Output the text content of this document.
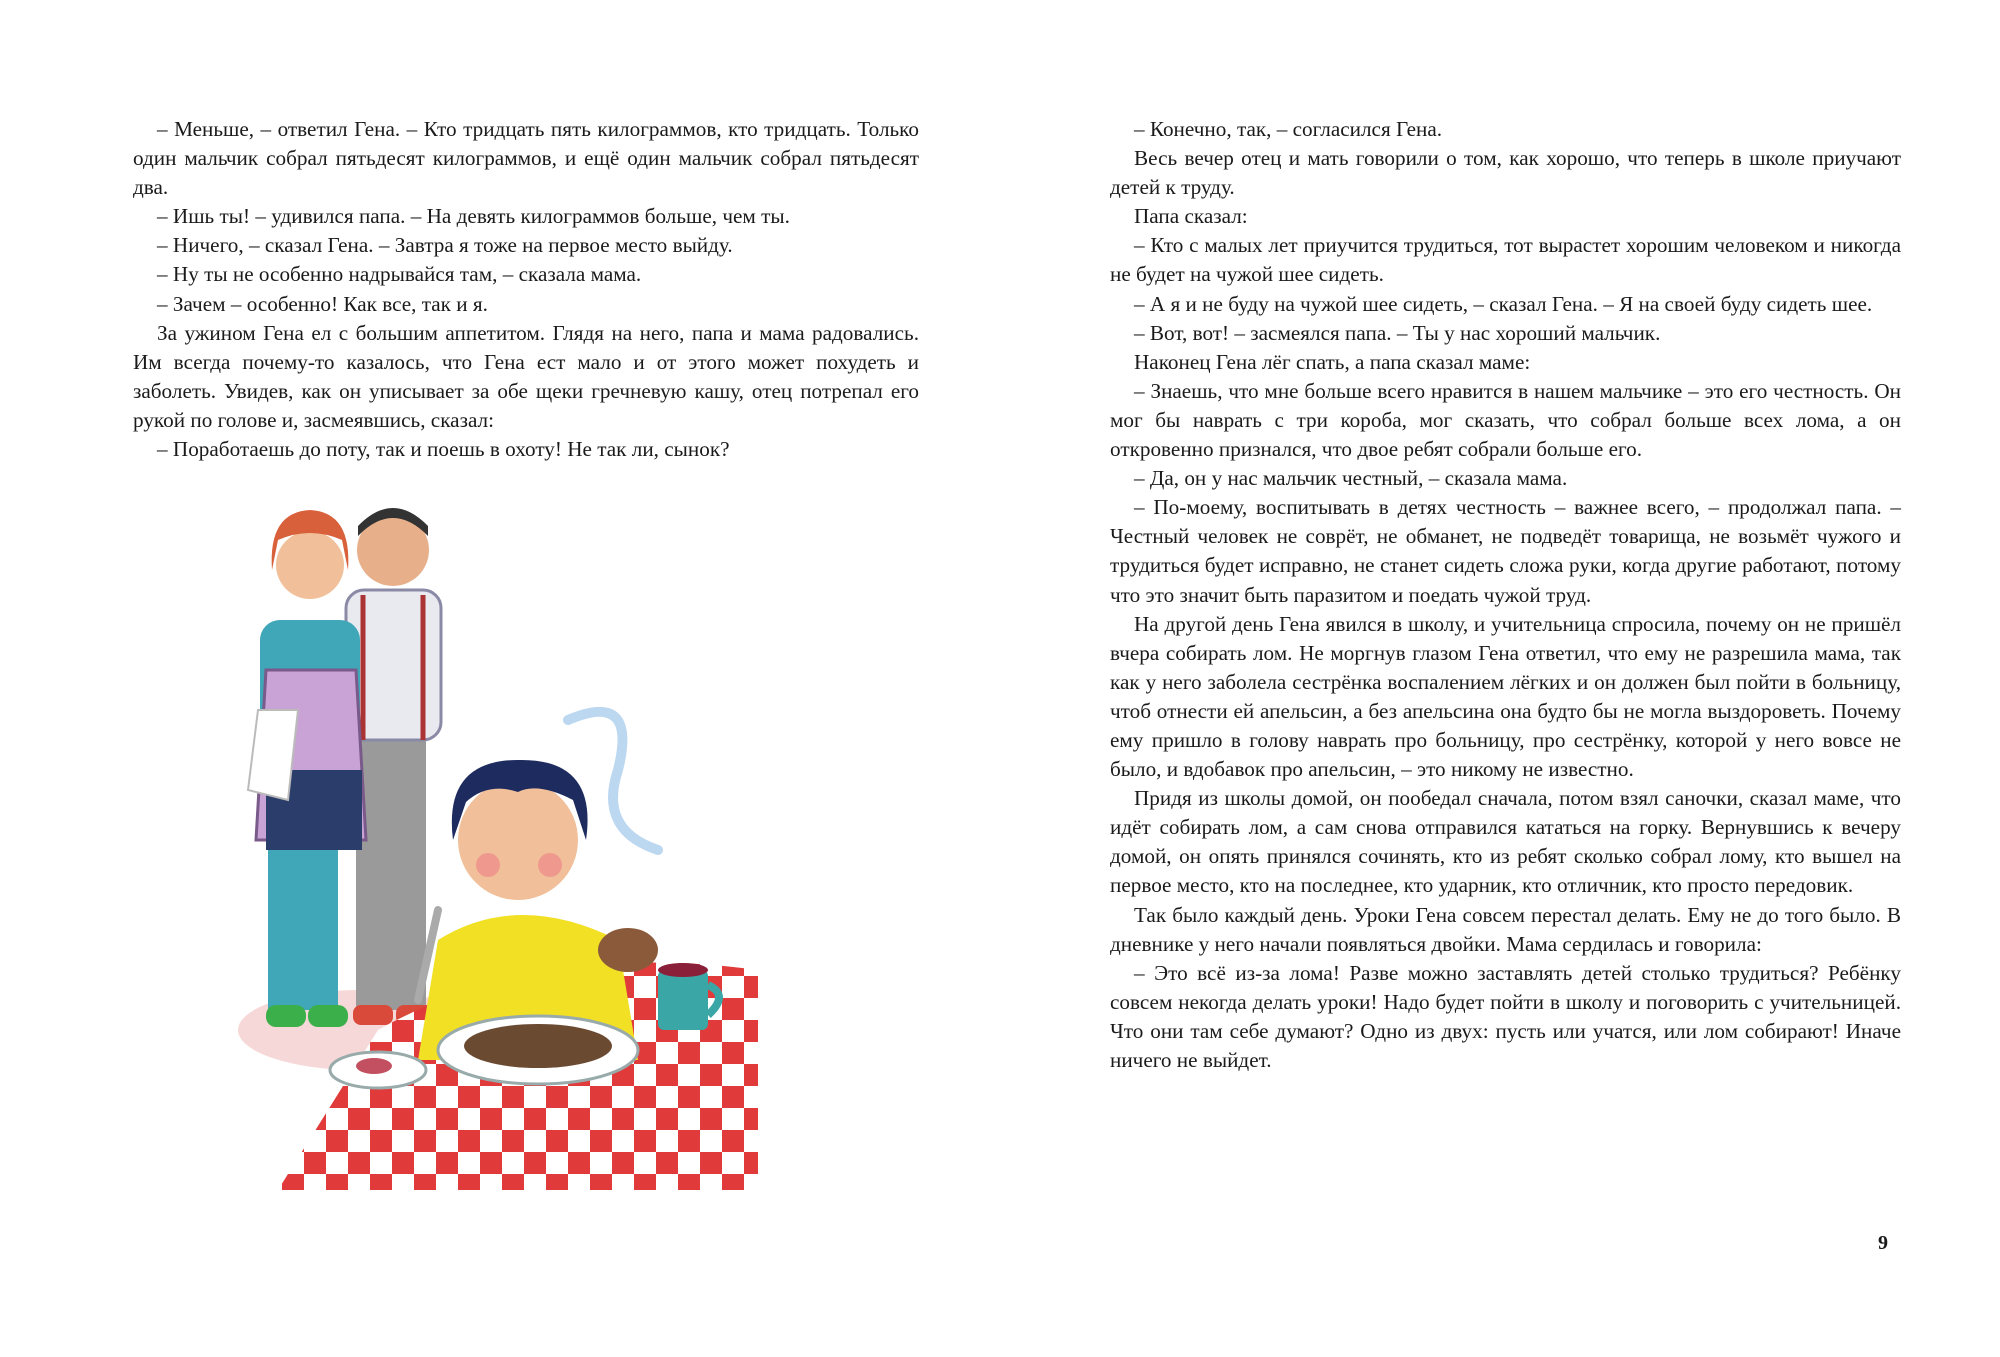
– Меньше, – ответил Гена. – Кто тридцать пять килограммов, кто тридцать. Только один мальчик собрал пятьдесят килограммов, и ещё один мальчик собрал пятьдесят два.

– Ишь ты! – удивился папа. – На девять килограммов больше, чем ты.

– Ничего, – сказал Гена. – Завтра я тоже на первое место выйду.

– Ну ты не особенно надрывайся там, – сказала мама.

– Зачем – особенно! Как все, так и я.

За ужином Гена ел с большим аппетитом. Глядя на него, папа и мама радовались. Им всегда почему-то казалось, что Гена ест мало и от этого может похудеть и заболеть. Увидев, как он уписывает за обе щеки гречневую кашу, отец потрепал его рукой по голове и, засмеявшись, сказал:

– Поработаешь до поту, так и поешь в охоту! Не так ли, сынок?

– Конечно, так, – согласился Гена.

Весь вечер отец и мать говорили о том, как хорошо, что теперь в школе приучают детей к труду.

Папа сказал:

– Кто с малых лет приучится трудиться, тот вырастет хорошим человеком и никогда не будет на чужой шее сидеть.

– А я и не буду на чужой шее сидеть, – сказал Гена. – Я на своей буду сидеть шее.

– Вот, вот! – засмеялся папа. – Ты у нас хороший мальчик.

Наконец Гена лёг спать, а папа сказал маме:

– Знаешь, что мне больше всего нравится в нашем мальчике – это его честность. Он мог бы наврать с три короба, мог сказать, что собрал больше всех лома, а он откровенно признался, что двое ребят собрали больше его.

– Да, он у нас мальчик честный, – сказала мама.

– По-моему, воспитывать в детях честность – важнее всего, – продолжал папа. – Честный человек не соврёт, не обманет, не подведёт товарища, не возьмёт чужого и трудиться будет исправно, не станет сидеть сложа руки, когда другие работают, потому что это значит быть паразитом и поедать чужой труд.

На другой день Гена явился в школу, и учительница спросила, почему он не пришёл вчера собирать лом. Не моргнув глазом Гена ответил, что ему не разрешила мама, так как у него заболела сестрёнка воспалением лёгких и он должен был пойти в больницу, чтоб отнести ей апельсин, а без апельсина она будто бы не могла выздороветь. Почему ему пришло в голову наврать про больницу, про сестрёнку, которой у него вовсе не было, и вдобавок про апельсин, – это никому не известно.

Придя из школы домой, он пообедал сначала, потом взял саночки, сказал маме, что идёт собирать лом, а сам снова отправился кататься на горку. Вернувшись к вечеру домой, он опять принялся сочинять, кто из ребят сколько собрал лому, кто вышел на первое место, кто на последнее, кто ударник, кто отличник, кто просто передовик.

Так было каждый день. Уроки Гена совсем перестал делать. Ему не до того было. В дневнике у него начали появляться двойки. Мама сердилась и говорила:

– Это всё из-за лома! Разве можно заставлять детей столько трудиться? Ребёнку совсем некогда делать уроки! Надо будет пойти в школу и поговорить с учительницей. Что они там себе думают? Одно из двух: пусть или учатся, или лом собирают! Иначе ничего не выйдет.

9
